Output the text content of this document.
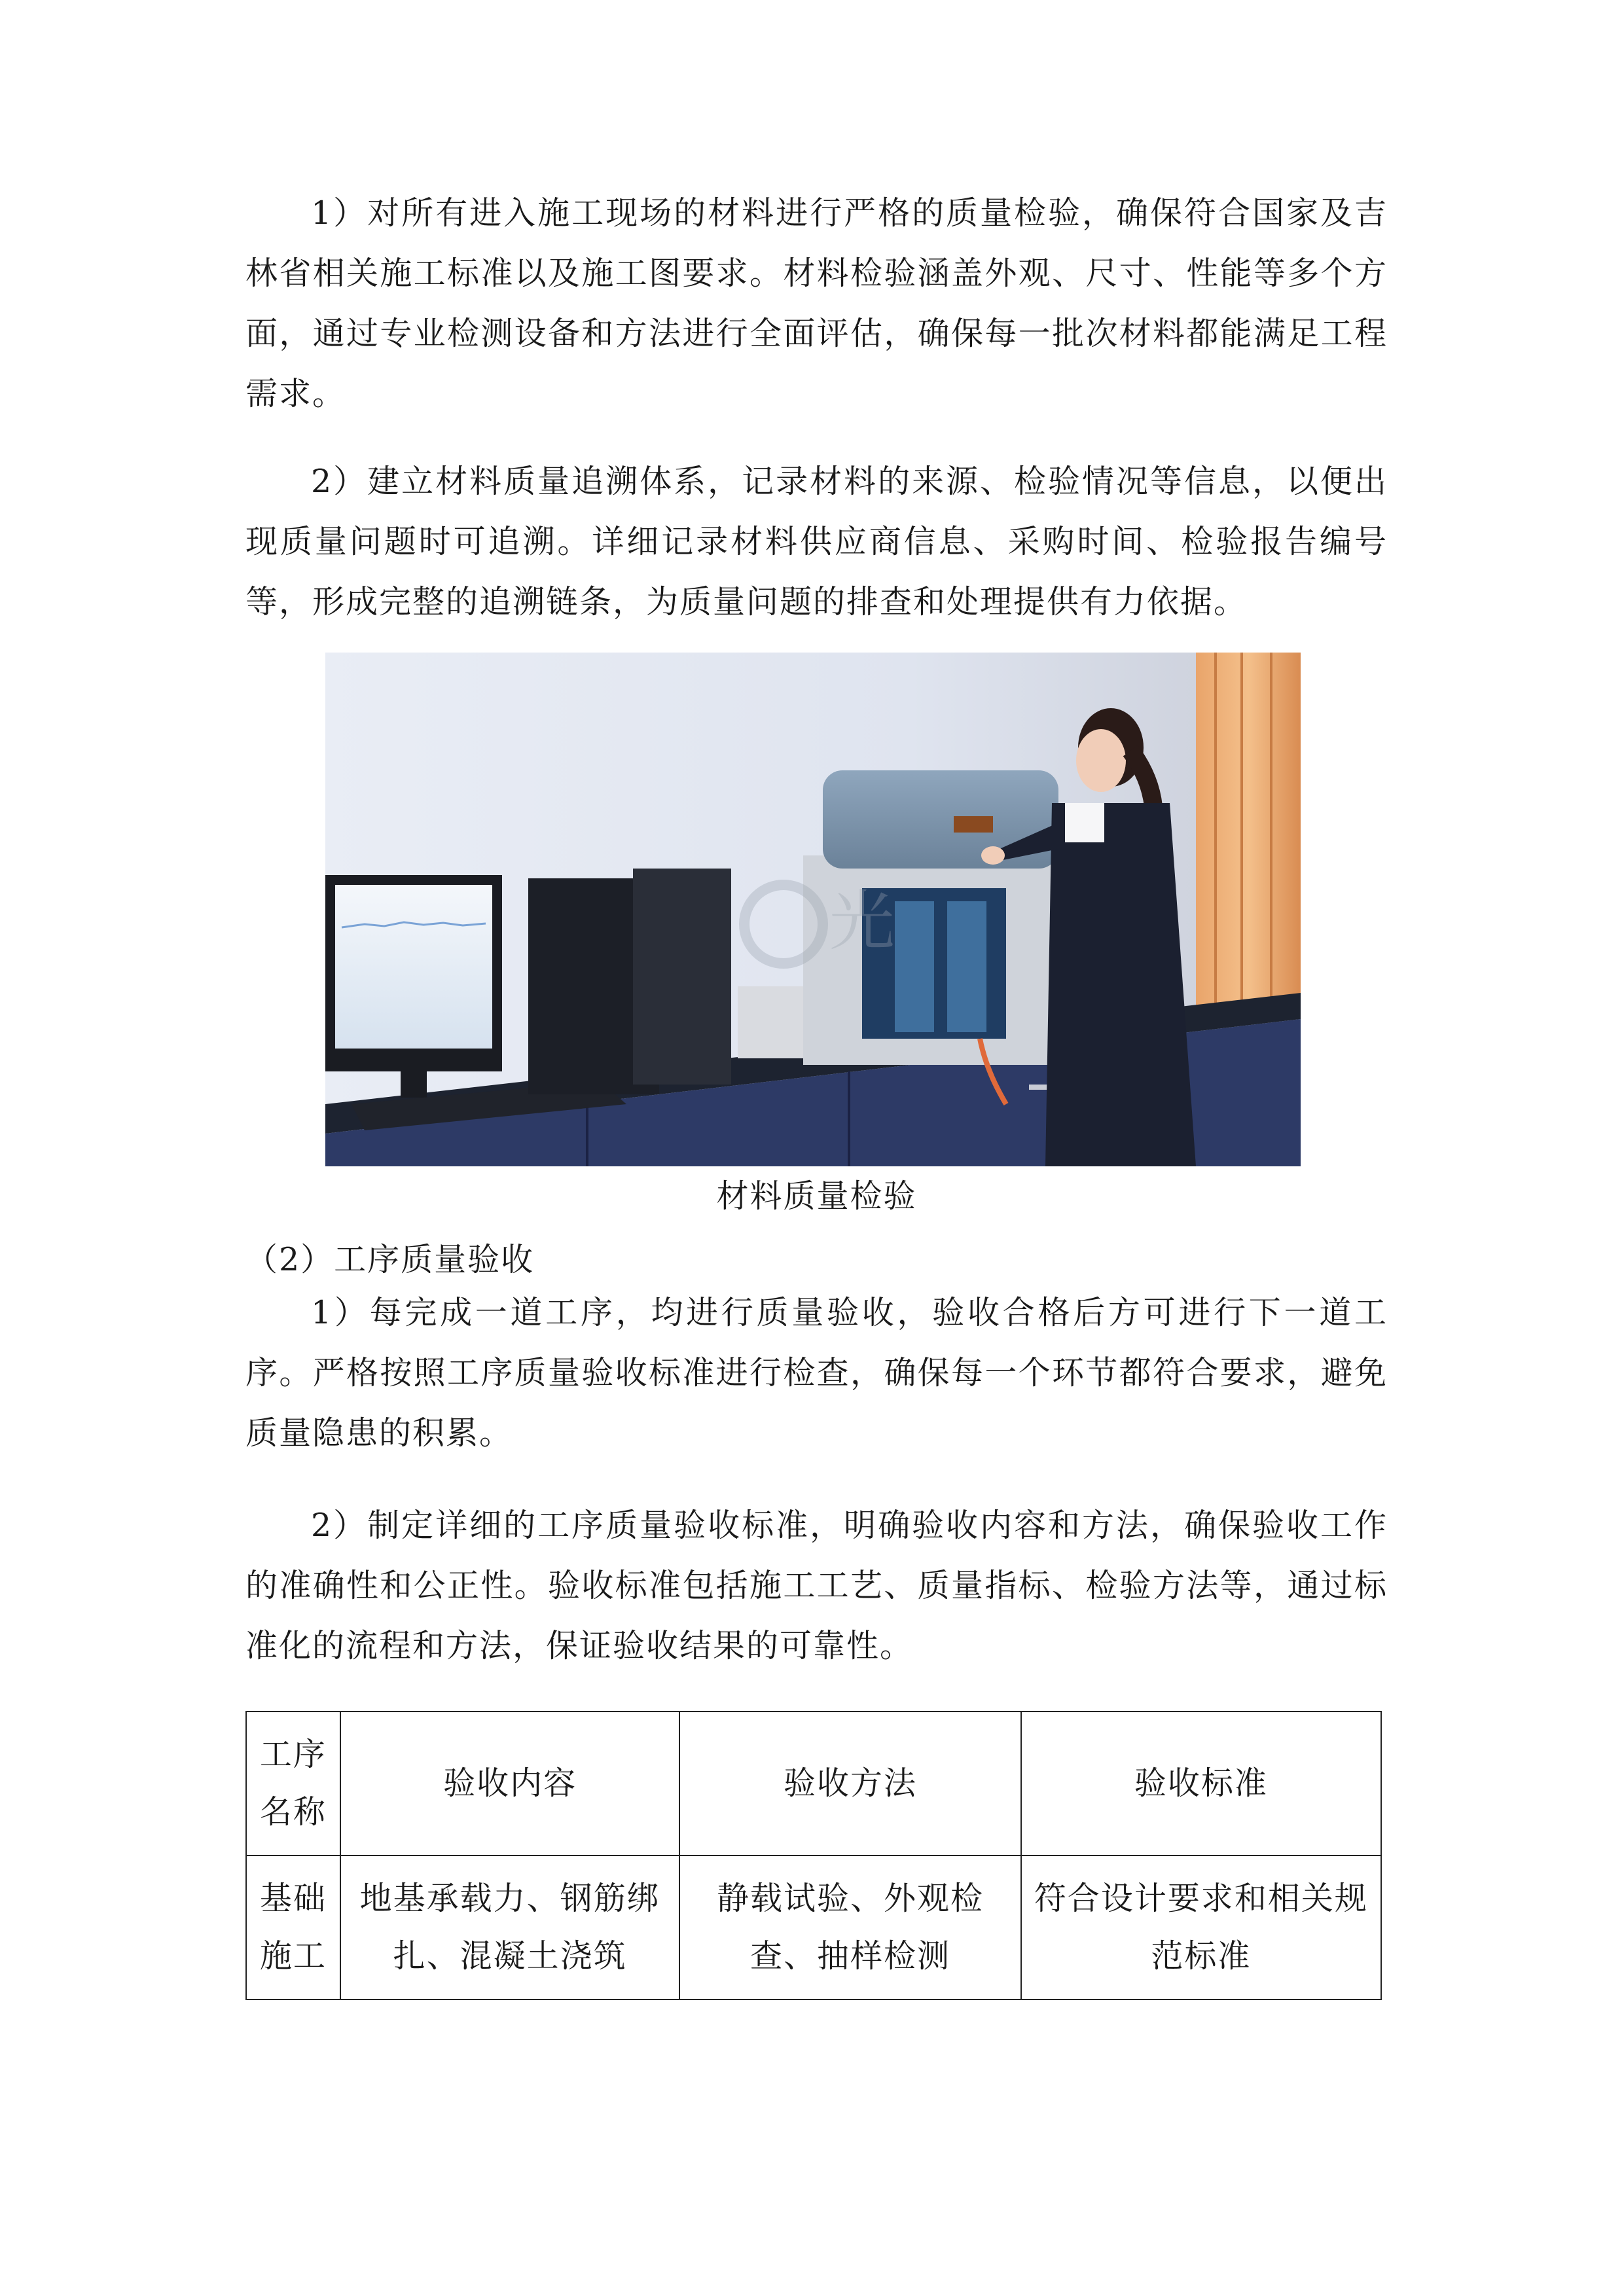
1）对所有进入施工现场的材料进行严格的质量检验，确保符合国家及吉林省相关施工标准以及施工图要求。材料检验涵盖外观、尺寸、性能等多个方面，通过专业检测设备和方法进行全面评估，确保每一批次材料都能满足工程需求。

2）建立材料质量追溯体系，记录材料的来源、检验情况等信息，以便出现质量问题时可追溯。详细记录材料供应商信息、采购时间、检验报告编号等，形成完整的追溯链条，为质量问题的排查和处理提供有力依据。

光
材料质量检验

（2）工序质量验收

1）每完成一道工序，均进行质量验收，验收合格后方可进行下一道工序。严格按照工序质量验收标准进行检查，确保每一个环节都符合要求，避免质量隐患的积累。

2）制定详细的工序质量验收标准，明确验收内容和方法，确保验收工作的准确性和公正性。验收标准包括施工工艺、质量指标、检验方法等，通过标准化的流程和方法，保证验收结果的可靠性。

工序名称	验收内容	验收方法	验收标准
基础施工	地基承载力、钢筋绑扎、混凝土浇筑	静载试验、外观检查、抽样检测	符合设计要求和相关规范标准
